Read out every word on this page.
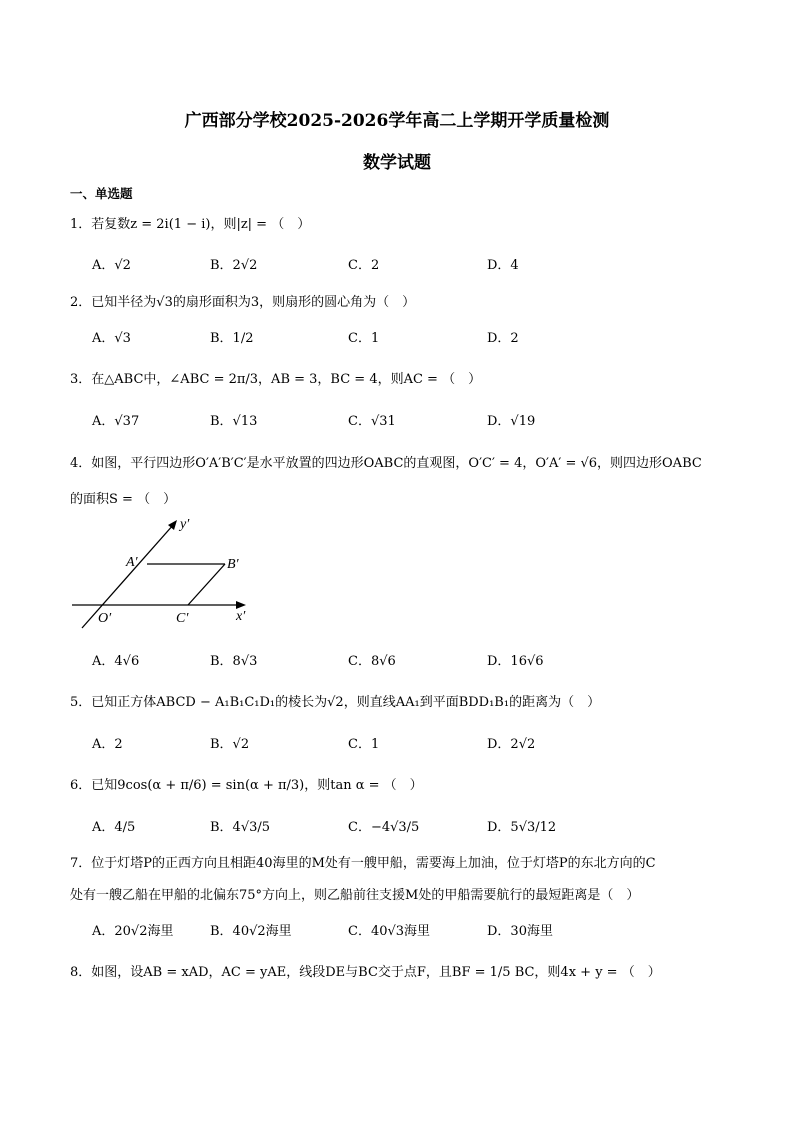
广西部分学校2025-2026学年高二上学期开学质量检测
数学试题
一、单选题
1．若复数z = 2i(1 − i)，则|z| = （　）
A．√2	B．2√2	C．2	D．4
2．已知半径为√3的扇形面积为3，则扇形的圆心角为（　）
A．√3	B．1/2	C．1	D．2
3．在△ABC中，∠ABC = 2π/3，AB = 3，BC = 4，则AC = （　）
A．√37	B．√13	C．√31	D．√19
4．如图，平行四边形O′A′B′C′是水平放置的四边形OABC的直观图，O′C′ = 4，O′A′ = √6，则四边形OABC
的面积S = （　）
y′
x′
A′	B′
O′	C′
A．4√6	B．8√3	C．8√6	D．16√6
5．已知正方体ABCD − A₁B₁C₁D₁的棱长为√2，则直线AA₁到平面BDD₁B₁的距离为（　）
A．2	B．√2	C．1	D．2√2
6．已知9cos(α + π/6) = sin(α + π/3)，则tan α = （　）
A．4/5	B．4√3/5	C．−4√3/5	D．5√3/12
7．位于灯塔P的正西方向且相距40海里的M处有一艘甲船，需要海上加油，位于灯塔P的东北方向的C
处有一艘乙船在甲船的北偏东75°方向上，则乙船前往支援M处的甲船需要航行的最短距离是（　）
A．20√2海里	B．40√2海里	C．40√3海里	D．30海里
8．如图，设AB = xAD，AC = yAE，线段DE与BC交于点F，且BF = 1/5 BC，则4x + y = （　）
